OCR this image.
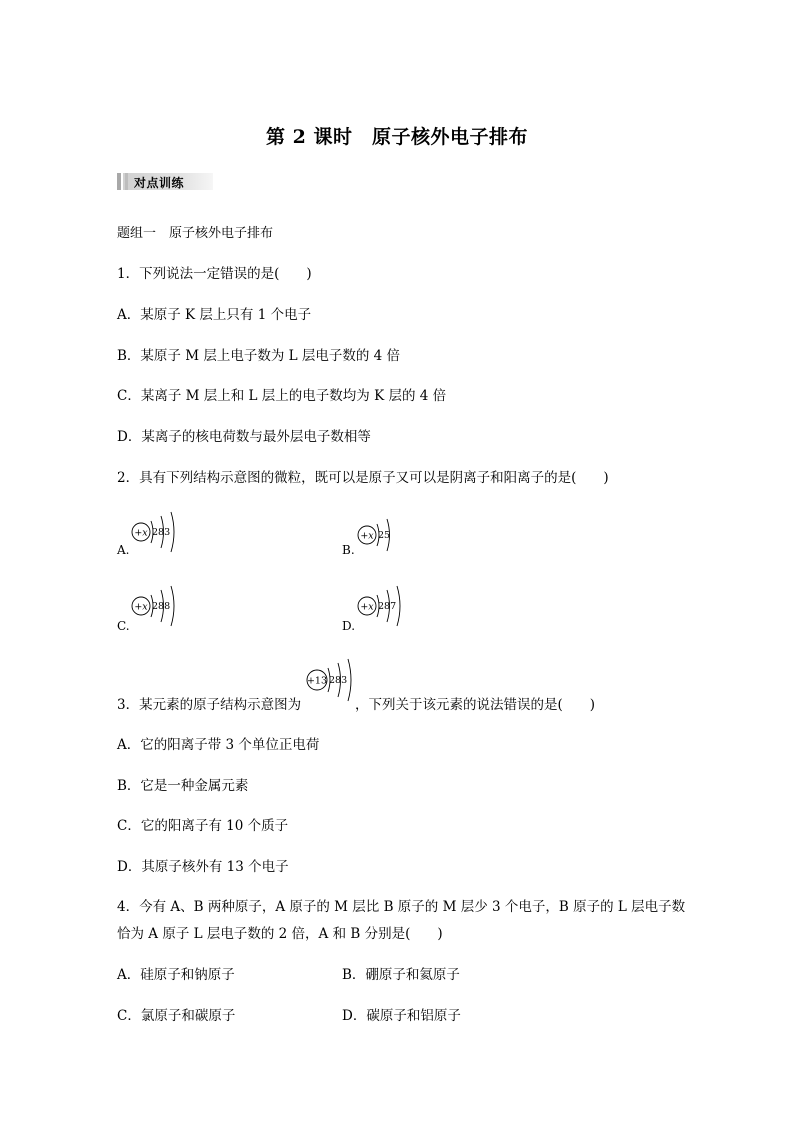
第 2 课时　原子核外电子排布
对点训练
题组一　原子核外电子排布
1．下列说法一定错误的是(　　)
A．某原子 K 层上只有 1 个电子
B．某原子 M 层上电子数为 L 层电子数的 4 倍
C．某离子 M 层上和 L 层上的电子数均为 K 层的 4 倍
D．某离子的核电荷数与最外层电子数相等
2．具有下列结构示意图的微粒，既可以是原子又可以是阴离子和阳离子的是(　　)
A.
+x 283
B.
+x 25
C.
+x 288
D.
+x 287
3．某元素的原子结构示意图为
+13 283
，下列关于该元素的说法错误的是(　　)
A．它的阳离子带 3 个单位正电荷
B．它是一种金属元素
C．它的阳离子有 10 个质子
D．其原子核外有 13 个电子
4．今有 A、B 两种原子，A 原子的 M 层比 B 原子的 M 层少 3 个电子，B 原子的 L 层电子数
恰为 A 原子 L 层电子数的 2 倍，A 和 B 分别是(　　)
A．硅原子和钠原子	B．硼原子和氦原子
C．氯原子和碳原子	D．碳原子和铝原子
